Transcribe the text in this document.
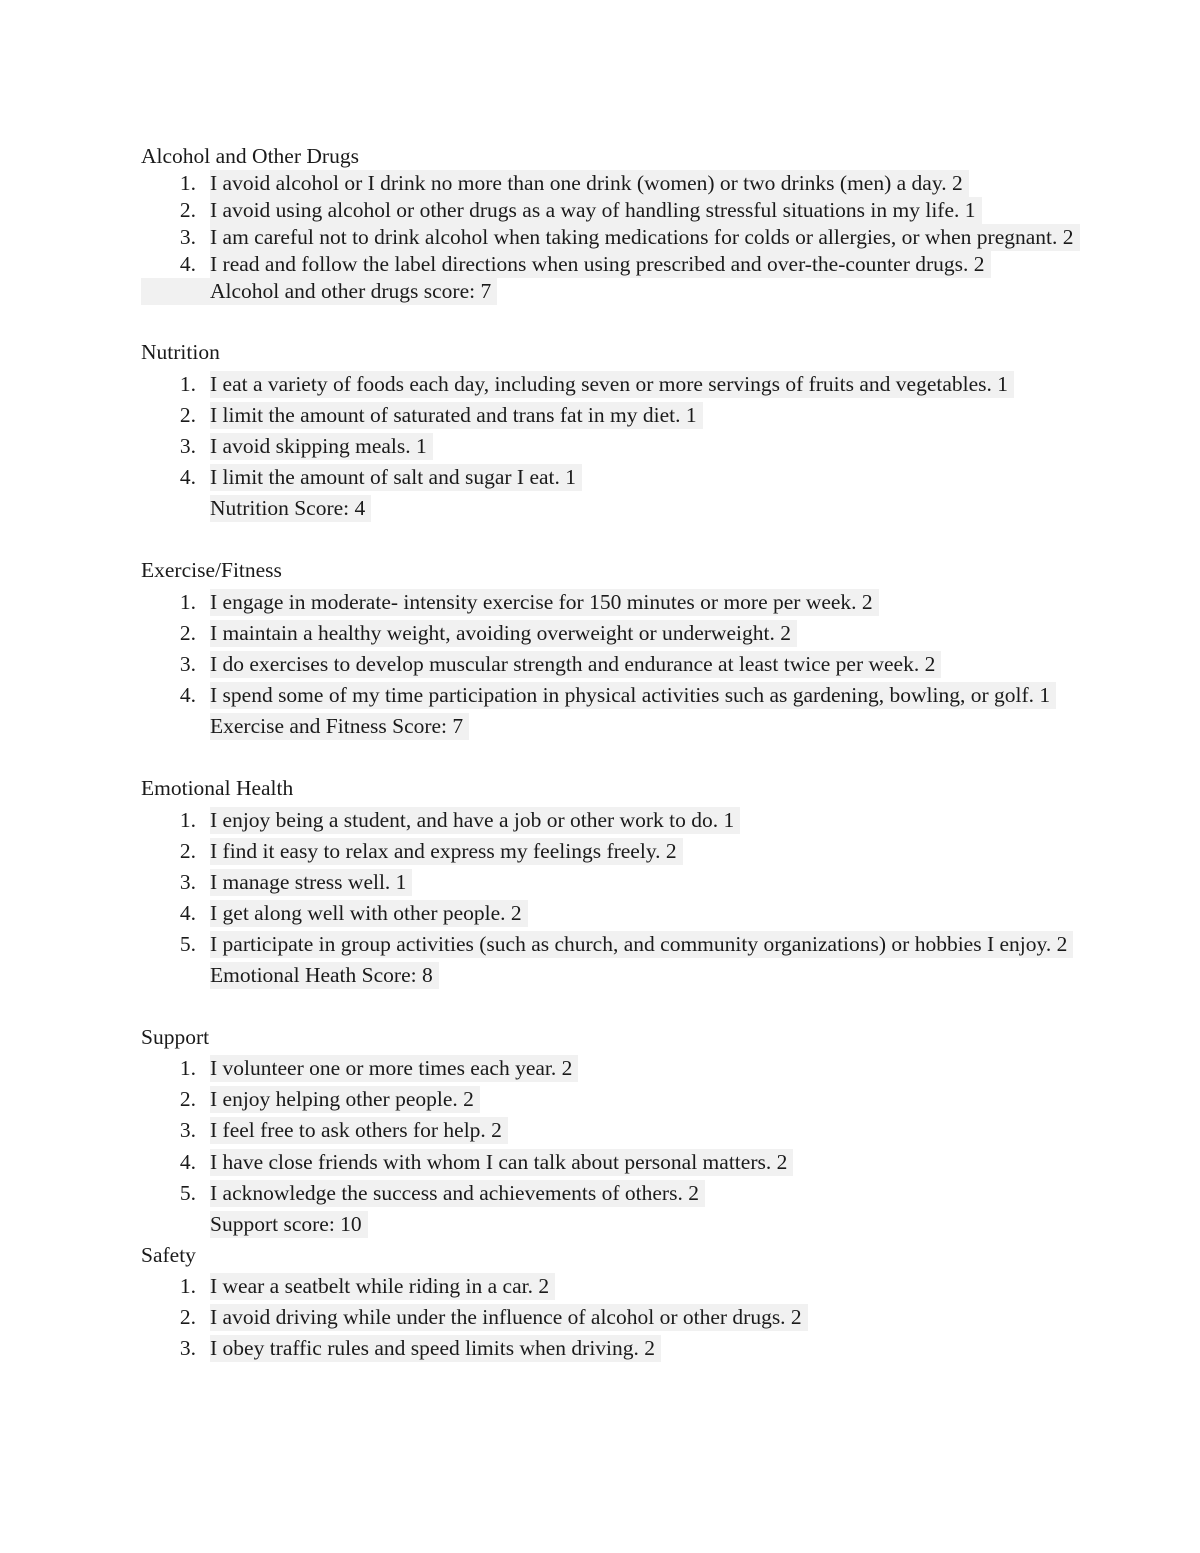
Alcohol and Other Drugs
1. I avoid alcohol or I drink no more than one drink (women) or two drinks (men) a day. 2
2. I avoid using alcohol or other drugs as a way of handling stressful situations in my life. 1
3. I am careful not to drink alcohol when taking medications for colds or allergies, or when pregnant. 2
4. I read and follow the label directions when using prescribed and over-the-counter drugs. 2
Alcohol and other drugs score: 7
Nutrition
1. I eat a variety of foods each day, including seven or more servings of fruits and vegetables. 1
2. I limit the amount of saturated and trans fat in my diet. 1
3. I avoid skipping meals. 1
4. I limit the amount of salt and sugar I eat. 1
Nutrition Score: 4
Exercise/Fitness
1. I engage in moderate- intensity exercise for 150 minutes or more per week. 2
2. I maintain a healthy weight, avoiding overweight or underweight. 2
3. I do exercises to develop muscular strength and endurance at least twice per week. 2
4. I spend some of my time participation in physical activities such as gardening, bowling, or golf. 1
Exercise and Fitness Score: 7
Emotional Health
1. I enjoy being a student, and have a job or other work to do. 1
2. I find it easy to relax and express my feelings freely. 2
3. I manage stress well. 1
4. I get along well with other people. 2
5. I participate in group activities (such as church, and community organizations) or hobbies I enjoy. 2
Emotional Heath Score: 8
Support
1. I volunteer one or more times each year. 2
2. I enjoy helping other people. 2
3. I feel free to ask others for help. 2
4. I have close friends with whom I can talk about personal matters. 2
5. I acknowledge the success and achievements of others. 2
Support score: 10
Safety
1. I wear a seatbelt while riding in a car. 2
2. I avoid driving while under the influence of alcohol or other drugs. 2
3. I obey traffic rules and speed limits when driving. 2
